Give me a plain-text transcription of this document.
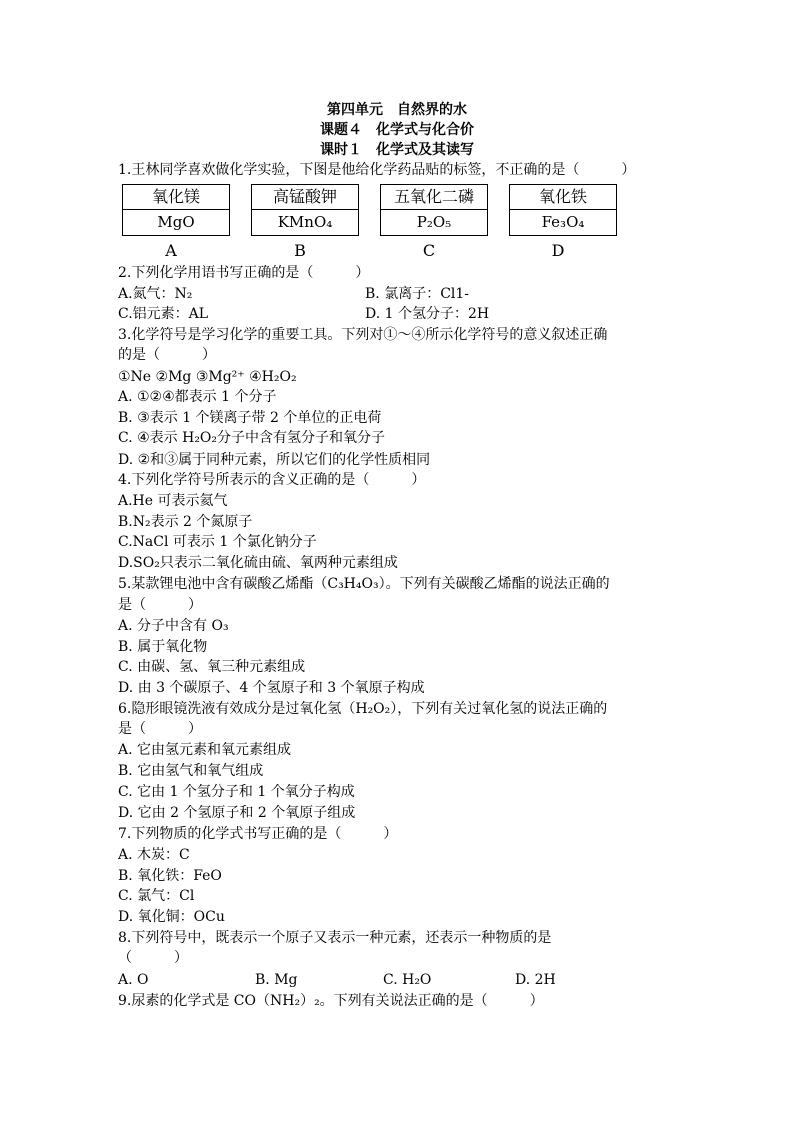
第四单元　自然界的水
课题４　化学式与化合价
课时１　化学式及其读写
1.王林同学喜欢做化学实验，下图是他给化学药品贴的标签，不正确的是（　　　）
氧化镁
MgO
高锰酸钾
KMnO₄
五氧化二磷
P₂O₅
氧化铁
Fe₃O₄
A	B	C	D
2.下列化学用语书写正确的是（　　　）
A.氮气：N₂	B. 氯离子：Cl1-
C.铝元素：AL	D. 1 个氢分子：2H
3.化学符号是学习化学的重要工具。下列对①～④所示化学符号的意义叙述正确
的是（　　　）
①Ne ②Mg ③Mg²⁺ ④H₂O₂
A. ①②④都表示 1 个分子
B. ③表示 1 个镁离子带 2 个单位的正电荷
C. ④表示 H₂O₂分子中含有氢分子和氧分子
D. ②和③属于同种元素，所以它们的化学性质相同
4.下列化学符号所表示的含义正确的是（　　　）
A.He 可表示氦气
B.N₂表示 2 个氮原子
C.NaCl 可表示 1 个氯化钠分子
D.SO₂只表示二氧化硫由硫、氧两种元素组成
5.某款锂电池中含有碳酸乙烯酯（C₃H₄O₃）。下列有关碳酸乙烯酯的说法正确的
是（　　　）
A. 分子中含有 O₃
B. 属于氧化物
C. 由碳、氢、氧三种元素组成
D. 由 3 个碳原子、4 个氢原子和 3 个氧原子构成
6.隐形眼镜洗液有效成分是过氧化氢（H₂O₂），下列有关过氧化氢的说法正确的
是（　　　）
A. 它由氢元素和氧元素组成
B. 它由氢气和氧气组成
C. 它由 1 个氢分子和 1 个氧分子构成
D. 它由 2 个氢原子和 2 个氧原子组成
7.下列物质的化学式书写正确的是（　　　）
A. 木炭：C
B. 氧化铁：FeO
C. 氯气：Cl
D. 氧化铜：OCu
8.下列符号中，既表示一个原子又表示一种元素，还表示一种物质的是
（　　　）
A. O	B. Mg	C. H₂O	D. 2H
9.尿素的化学式是 CO（NH₂）₂。下列有关说法正确的是（　　　）
